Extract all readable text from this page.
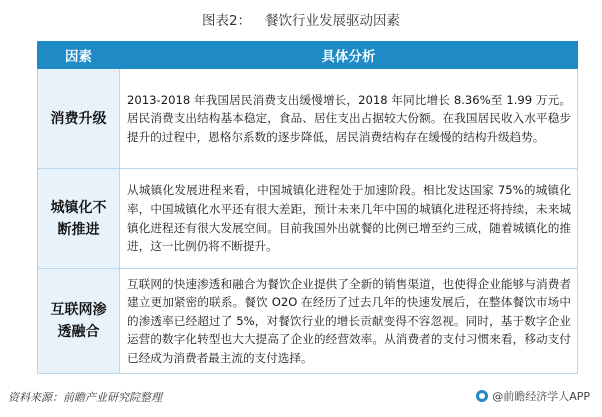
图表2： 餐饮行业发展驱动因素
因素	具体分析
消费升级	2013-2018 年我国居民消费支出缓慢增长，2018 年同比增长 8.36%至 1.99 万元。居民消费支出结构基本稳定，食品、居住支出占据较大份额。在我国居民收入水平稳步提升的过程中，恩格尔系数的逐步降低，居民消费结构存在缓慢的结构升级趋势。
城镇化不断推进	从城镇化发展进程来看，中国城镇化进程处于加速阶段。相比发达国家 75%的城镇化率，中国城镇化水平还有很大差距，预计未来几年中国的城镇化进程还将持续，未来城镇化进程还有很大发展空间。目前我国外出就餐的比例已增至约三成，随着城镇化的推进，这一比例仍将不断提升。
互联网渗透融合	互联网的快速渗透和融合为餐饮企业提供了全新的销售渠道，也使得企业能够与消费者建立更加紧密的联系。餐饮 O2O 在经历了过去几年的快速发展后，在整体餐饮市场中的渗透率已经超过了 5%，对餐饮行业的增长贡献变得不容忽视。同时，基于数字企业运营的数字化转型也大大提高了企业的经营效率。从消费者的支付习惯来看，移动支付已经成为消费者最主流的支付选择。
资料来源：前瞻产业研究院整理	@前瞻经济学人APP
